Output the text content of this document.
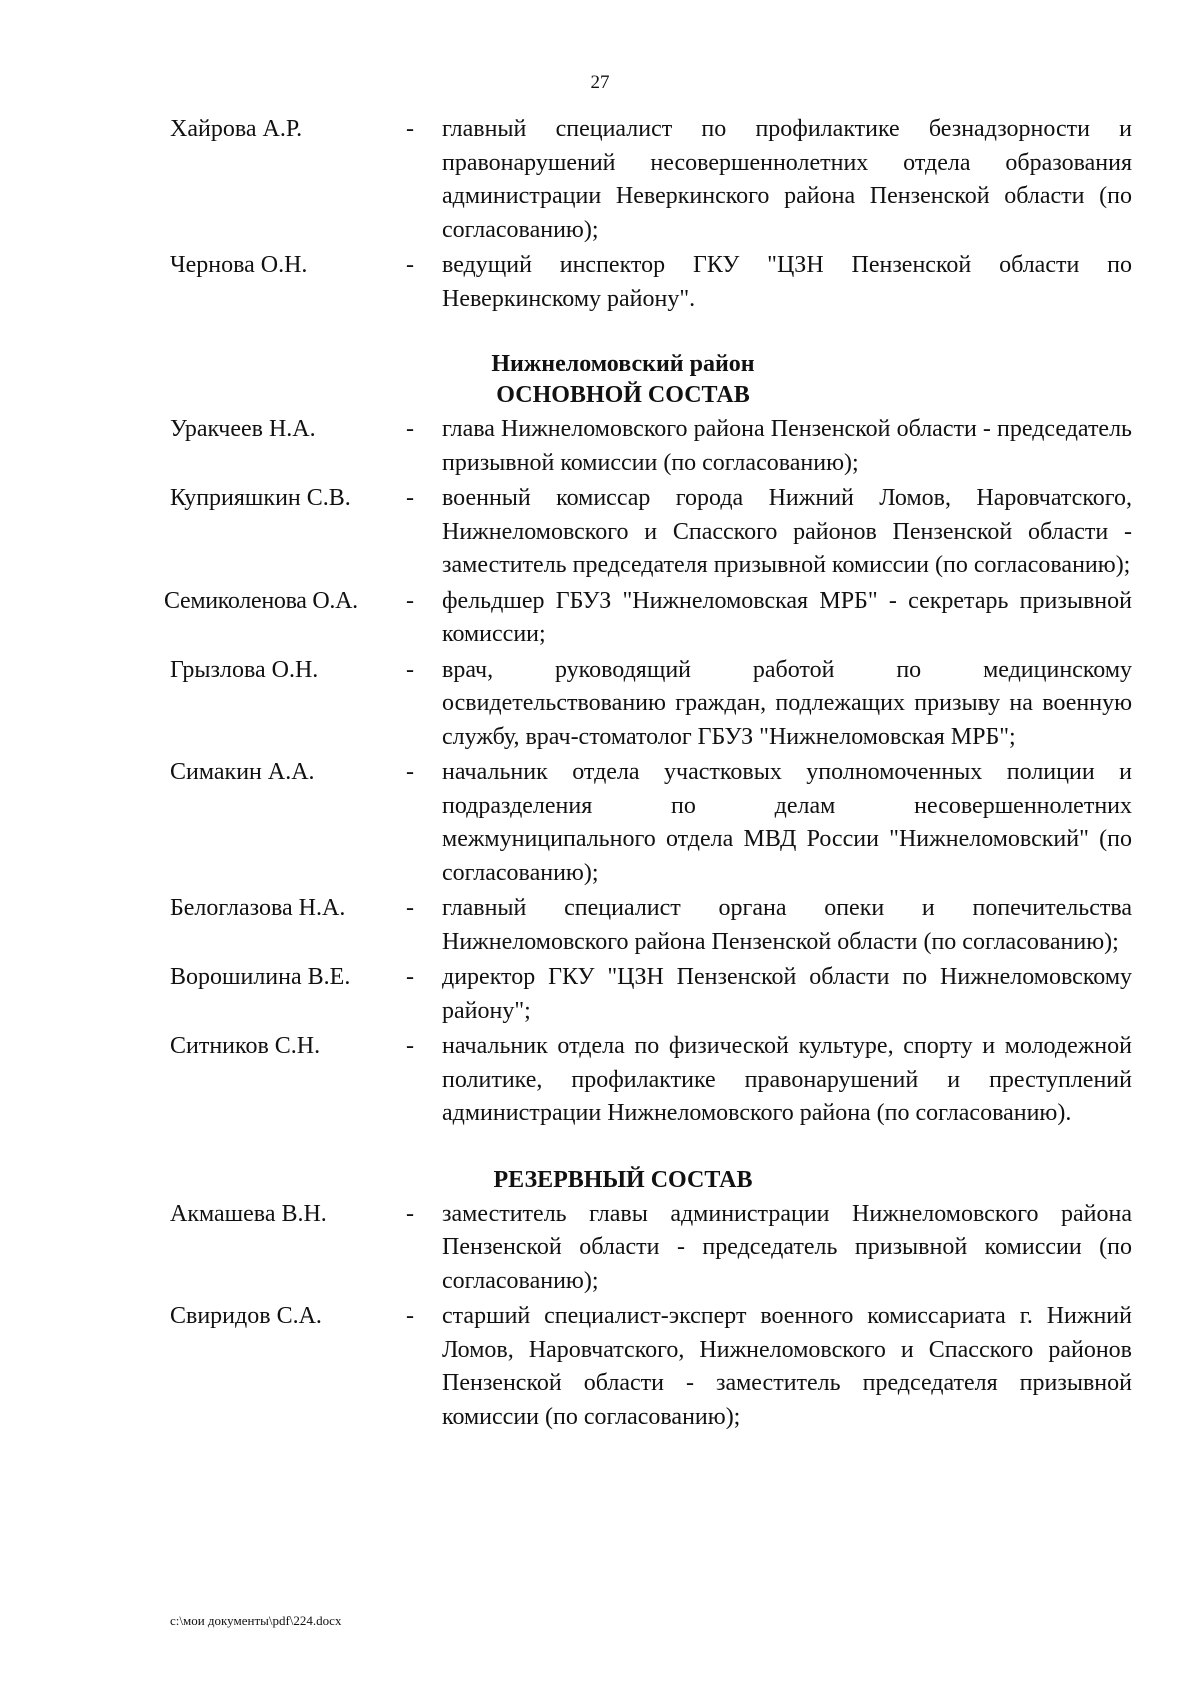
27
Хайрова А.Р.	-	главный специалист по профилактике безнадзорности и правонарушений несовершеннолетних отдела образования администрации Неверкинского района Пензенской области (по согласованию);
Чернова О.Н.	-	ведущий инспектор ГКУ "ЦЗН Пензенской области по Неверкинскому району".
Нижнеломовский район
ОСНОВНОЙ СОСТАВ
Уракчеев Н.А.	-	глава Нижнеломовского района Пензенской области - председатель призывной комиссии (по согласованию);
Куприяшкин С.В.	-	военный комиссар города Нижний Ломов, Наровчатского, Нижнеломовского и Спасского районов Пензенской области - заместитель председателя призывной комиссии (по согласованию);
Семиколенова О.А.	-	фельдшер ГБУЗ "Нижнеломовская МРБ" - секретарь призывной комиссии;
Грызлова О.Н.	-	врач, руководящий работой по медицинскому освидетельствованию граждан, подлежащих призыву на военную службу, врач-стоматолог ГБУЗ "Нижнеломовская МРБ";
Симакин А.А.	-	начальник отдела участковых уполномоченных полиции и подразделения по делам несовершеннолетних межмуниципального отдела МВД России "Нижнеломовский" (по согласованию);
Белоглазова Н.А.	-	главный специалист органа опеки и попечительства Нижнеломовского района Пензенской области (по согласованию);
Ворошилина В.Е.	-	директор ГКУ "ЦЗН Пензенской области по Нижнеломовскому району";
Ситников С.Н.	-	начальник отдела по физической культуре, спорту и молодежной политике, профилактике правонарушений и преступлений администрации Нижнеломовского района (по согласованию).
РЕЗЕРВНЫЙ СОСТАВ
Акмашева В.Н.	-	заместитель главы администрации Нижнеломовского района Пензенской области - председатель призывной комиссии (по согласованию);
Свиридов С.А.	-	старший специалист-эксперт военного комиссариата г. Нижний Ломов, Наровчатского, Нижнеломовского и Спасского районов Пензенской области - заместитель председателя призывной комиссии (по согласованию);
c:\мои документы\pdf\224.docx
